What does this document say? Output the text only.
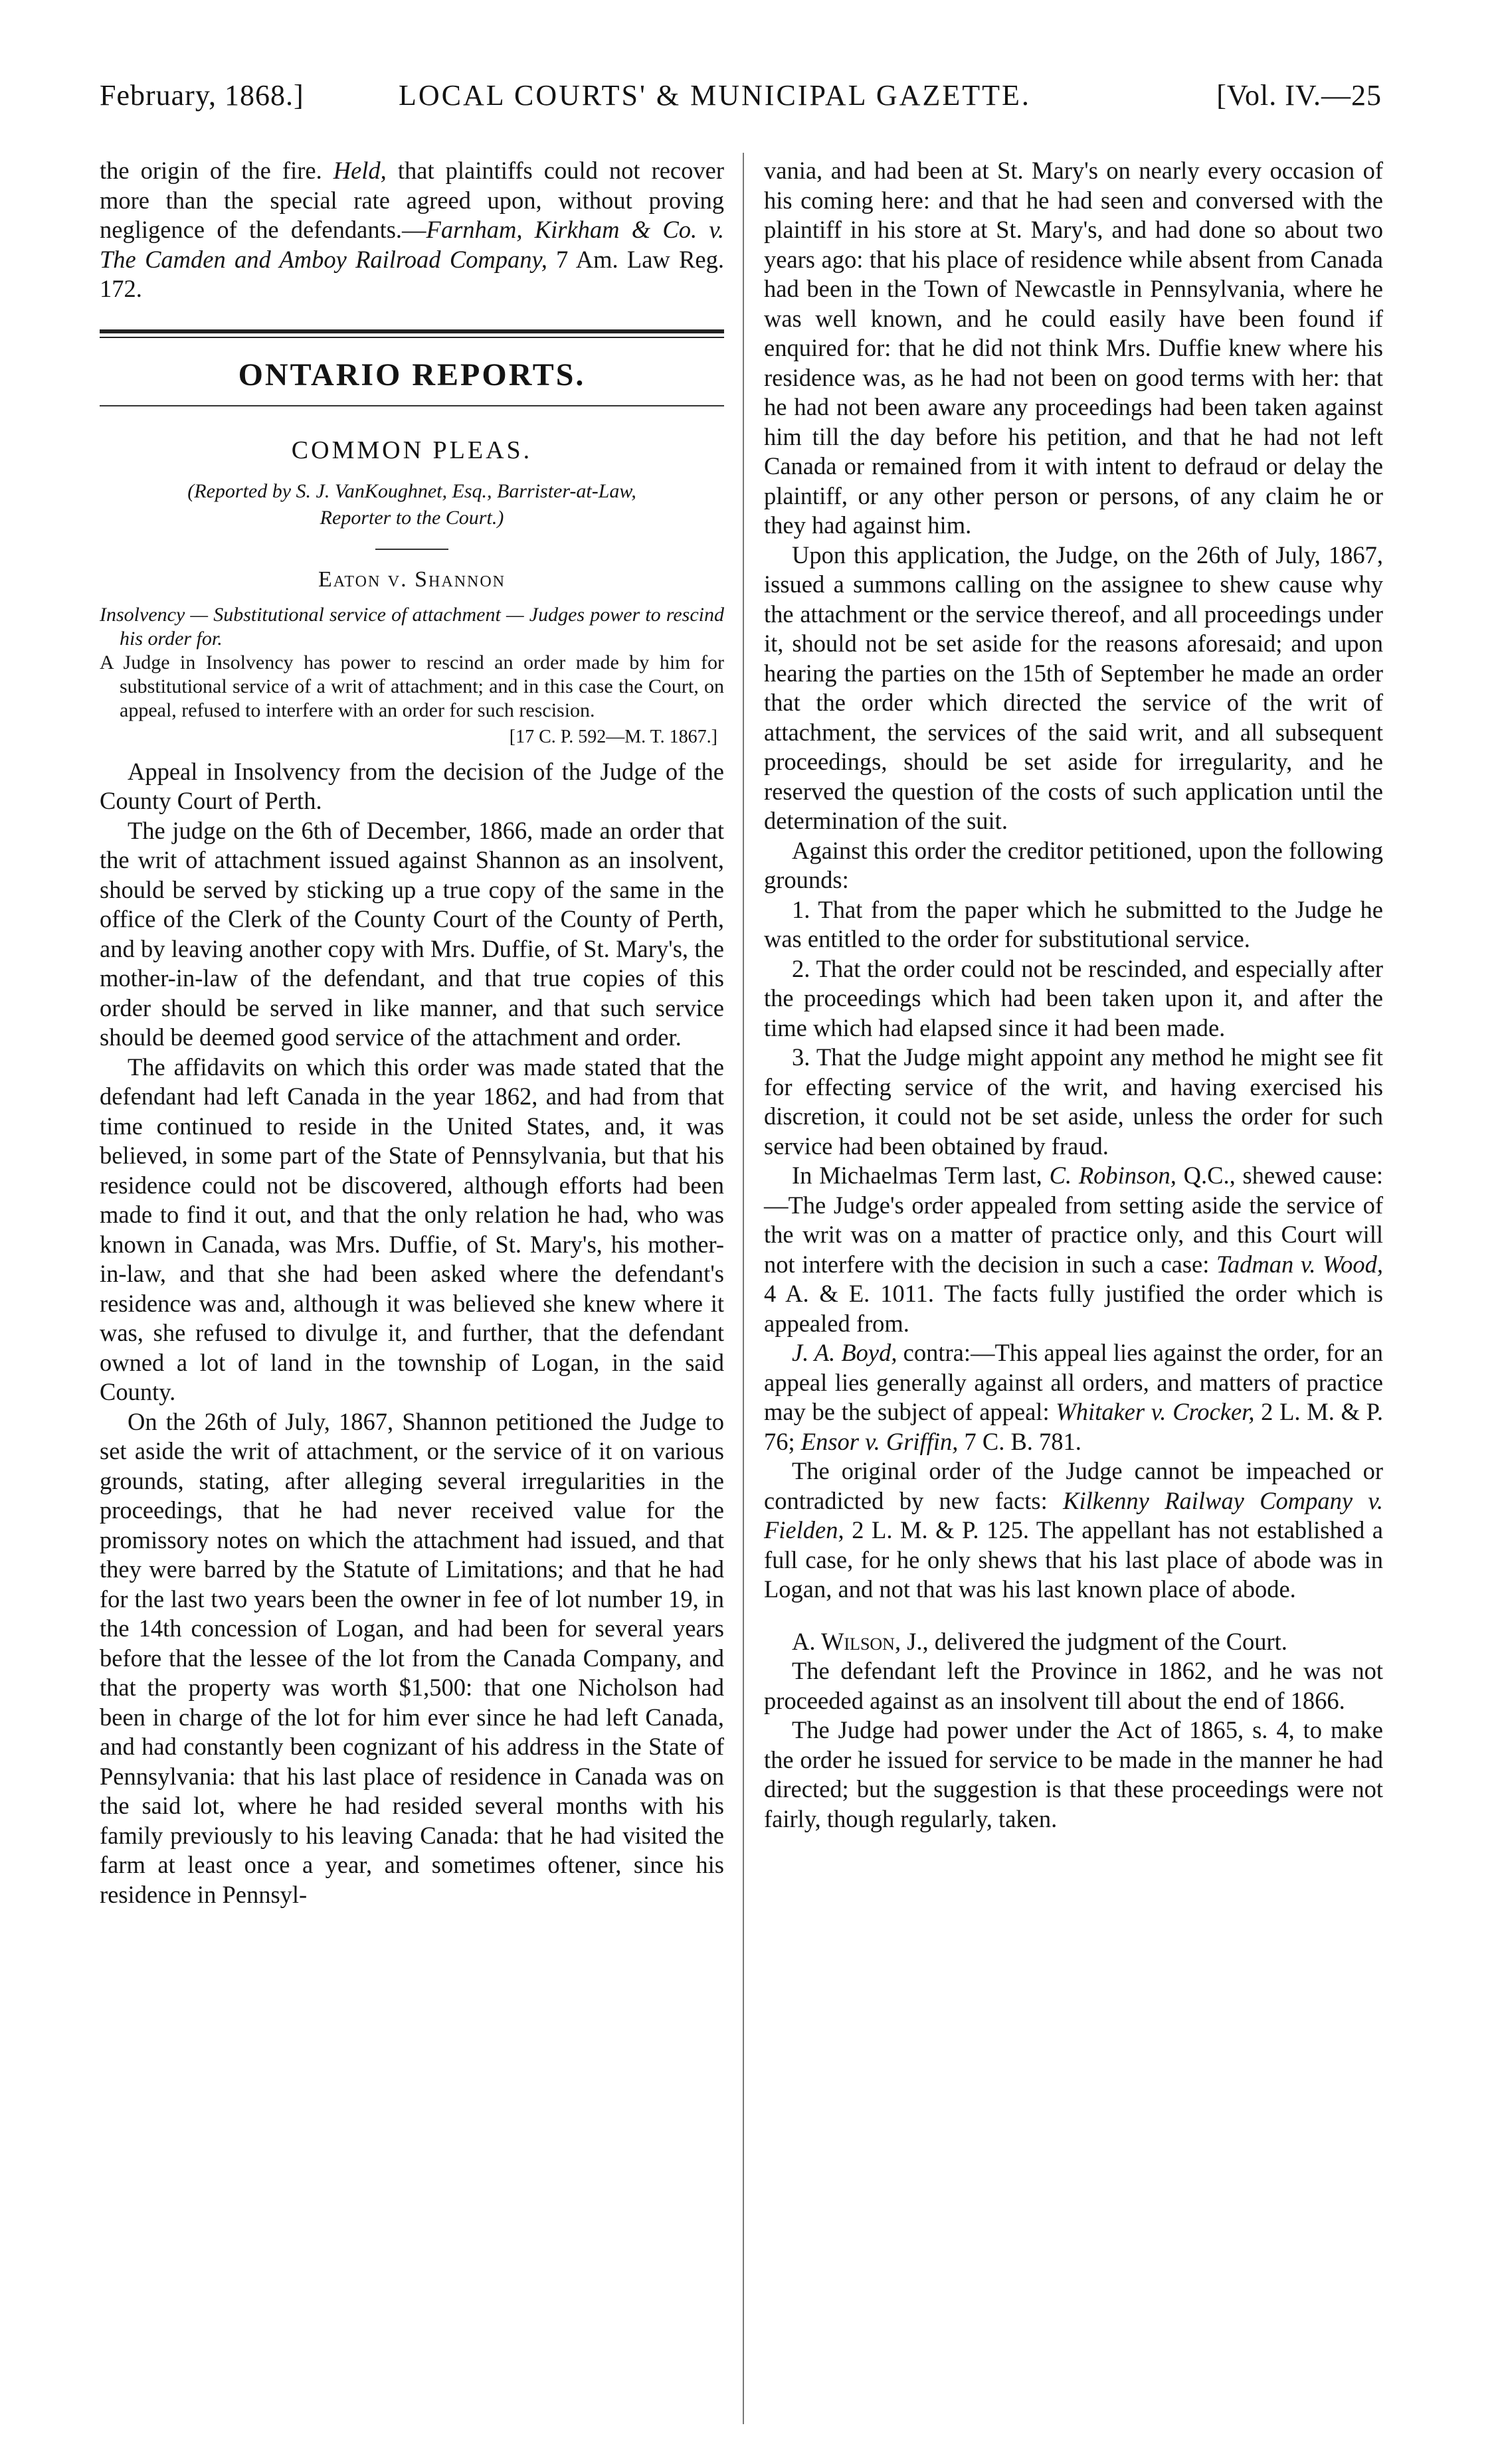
February, 1868.]	LOCAL COURTS' & MUNICIPAL GAZETTE.	[Vol. IV.—25

the origin of the fire. Held, that plaintiffs could not recover more than the special rate agreed upon, without proving negligence of the defendants.—Farnham, Kirkham & Co. v. The Camden and Amboy Railroad Company, 7 Am. Law Reg. 172.

ONTARIO REPORTS.
COMMON PLEAS.
(Reported by S. J. VanKoughnet, Esq., Barrister-at-Law,
Reporter to the Court.)
Eaton v. Shannon

Insolvency — Substitutional service of attachment — Judges power to rescind his order for.

A Judge in Insolvency has power to rescind an order made by him for substitutional service of a writ of attachment; and in this case the Court, on appeal, refused to interfere with an order for such rescision.

[17 C. P. 592—M. T. 1867.]

Appeal in Insolvency from the decision of the Judge of the County Court of Perth.

The judge on the 6th of December, 1866, made an order that the writ of attachment issued against Shannon as an insolvent, should be served by sticking up a true copy of the same in the office of the Clerk of the County Court of the County of Perth, and by leaving another copy with Mrs. Duffie, of St. Mary's, the mother-in-law of the defendant, and that true copies of this order should be served in like manner, and that such service should be deemed good service of the attachment and order.

The affidavits on which this order was made stated that the defendant had left Canada in the year 1862, and had from that time continued to reside in the United States, and, it was believed, in some part of the State of Pennsylvania, but that his residence could not be discovered, although efforts had been made to find it out, and that the only relation he had, who was known in Canada, was Mrs. Duffie, of St. Mary's, his mother-in-law, and that she had been asked where the defendant's residence was and, although it was believed she knew where it was, she refused to divulge it, and further, that the defendant owned a lot of land in the township of Logan, in the said County.

On the 26th of July, 1867, Shannon petitioned the Judge to set aside the writ of attachment, or the service of it on various grounds, stating, after alleging several irregularities in the proceedings, that he had never received value for the promissory notes on which the attachment had issued, and that they were barred by the Statute of Limitations; and that he had for the last two years been the owner in fee of lot number 19, in the 14th concession of Logan, and had been for several years before that the lessee of the lot from the Canada Company, and that the property was worth $1,500: that one Nicholson had been in charge of the lot for him ever since he had left Canada, and had constantly been cognizant of his address in the State of Pennsylvania: that his last place of residence in Canada was on the said lot, where he had resided several months with his family previously to his leaving Canada: that he had visited the farm at least once a year, and sometimes oftener, since his residence in Pennsyl-

vania, and had been at St. Mary's on nearly every occasion of his coming here: and that he had seen and conversed with the plaintiff in his store at St. Mary's, and had done so about two years ago: that his place of residence while absent from Canada had been in the Town of Newcastle in Pennsylvania, where he was well known, and he could easily have been found if enquired for: that he did not think Mrs. Duffie knew where his residence was, as he had not been on good terms with her: that he had not been aware any proceedings had been taken against him till the day before his petition, and that he had not left Canada or remained from it with intent to defraud or delay the plaintiff, or any other person or persons, of any claim he or they had against him.

Upon this application, the Judge, on the 26th of July, 1867, issued a summons calling on the assignee to shew cause why the attachment or the service thereof, and all proceedings under it, should not be set aside for the reasons aforesaid; and upon hearing the parties on the 15th of September he made an order that the order which directed the service of the writ of attachment, the services of the said writ, and all subsequent proceedings, should be set aside for irregularity, and he reserved the question of the costs of such application until the determination of the suit.

Against this order the creditor petitioned, upon the following grounds:

1. That from the paper which he submitted to the Judge he was entitled to the order for substitutional service.

2. That the order could not be rescinded, and especially after the proceedings which had been taken upon it, and after the time which had elapsed since it had been made.

3. That the Judge might appoint any method he might see fit for effecting service of the writ, and having exercised his discretion, it could not be set aside, unless the order for such service had been obtained by fraud.

In Michaelmas Term last, C. Robinson, Q.C., shewed cause:—The Judge's order appealed from setting aside the service of the writ was on a matter of practice only, and this Court will not interfere with the decision in such a case: Tadman v. Wood, 4 A. & E. 1011. The facts fully justified the order which is appealed from.

J. A. Boyd, contra:—This appeal lies against the order, for an appeal lies generally against all orders, and matters of practice may be the subject of appeal: Whitaker v. Crocker, 2 L. M. & P. 76; Ensor v. Griffin, 7 C. B. 781.

The original order of the Judge cannot be impeached or contradicted by new facts: Kilkenny Railway Company v. Fielden, 2 L. M. & P. 125. The appellant has not established a full case, for he only shews that his last place of abode was in Logan, and not that was his last known place of abode.

A. Wilson, J., delivered the judgment of the Court.

The defendant left the Province in 1862, and he was not proceeded against as an insolvent till about the end of 1866.

The Judge had power under the Act of 1865, s. 4, to make the order he issued for service to be made in the manner he had directed; but the suggestion is that these proceedings were not fairly, though regularly, taken.
